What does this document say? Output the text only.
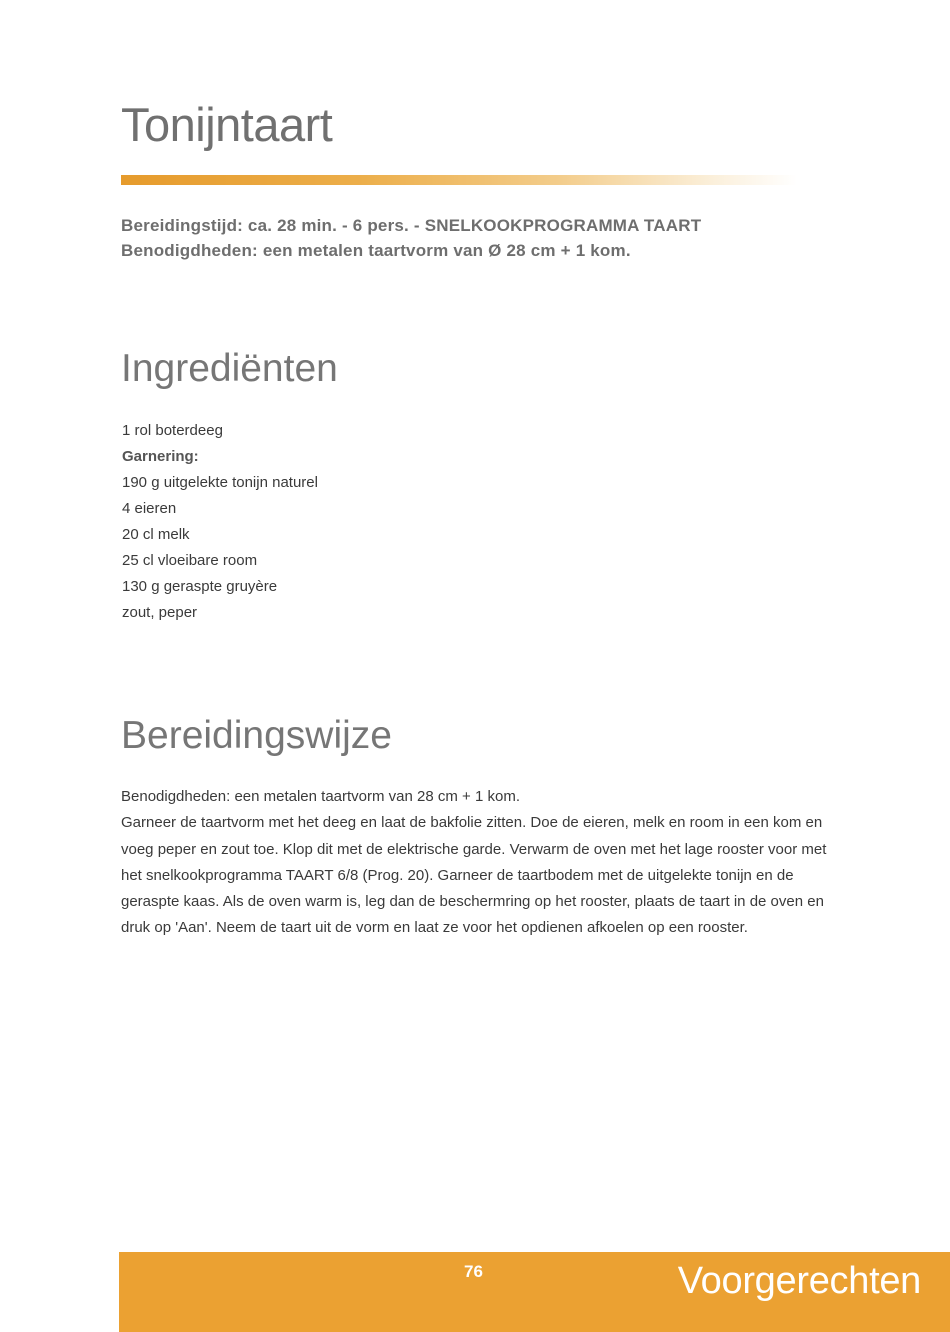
Tonijntaart
Bereidingstijd: ca. 28 min. - 6 pers. - SNELKOOKPROGRAMMA TAART
Benodigdheden: een metalen taartvorm van Ø 28 cm + 1 kom.
Ingrediënten
1 rol boterdeeg
Garnering:
190 g uitgelekte tonijn naturel
4 eieren
20 cl melk
25 cl vloeibare room
130 g geraspte gruyère
zout, peper
Bereidingswijze

Benodigdheden: een metalen taartvorm van 28 cm + 1 kom.

Garneer de taartvorm met het deeg en laat de bakfolie zitten. Doe de eieren, melk en room in een kom en voeg peper en zout toe. Klop dit met de elektrische garde. Verwarm de oven met het lage rooster voor met het snelkookprogramma TAART 6/8 (Prog. 20). Garneer de taartbodem met de uitgelekte tonijn en de geraspte kaas. Als de oven warm is, leg dan de beschermring op het rooster, plaats de taart in de oven en druk op 'Aan'. Neem de taart uit de vorm en laat ze voor het opdienen afkoelen op een rooster.

76	Voorgerechten
